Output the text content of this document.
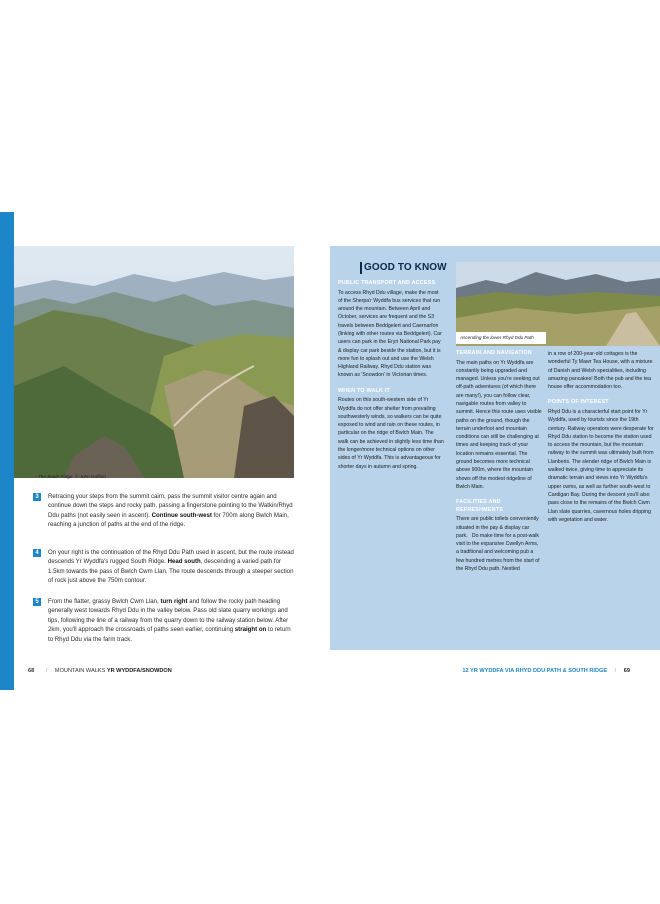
The South Ridge. © John Gaffold
3	Retracing your steps from the summit cairn, pass the summit visitor centre again and continue down the steps and rocky path, passing a fingerstone pointing to the Watkin/Rhyd Ddu paths (not easily seen in ascent). Continue south-west for 700m along Bwlch Main, reaching a junction of paths at the end of the ridge.
4	On your right is the continuation of the Rhyd Ddu Path used in ascent, but the route instead descends Yr Wyddfa's rugged South Ridge. Head south, descending a varied path for 1.5km towards the pass of Bwlch Cwm Llan. The route descends through a steeper section of rock just above the 750m contour.
5	From the flatter, grassy Bwlch Cwm Llan, turn right and follow the rocky path heading generally west towards Rhyd Ddu in the valley below. Pass old slate quarry workings and tips, following the line of a railway from the quarry down to the railway station below. After 2km, you'll approach the crossroads of paths seen earlier, continuing straight on to return to Rhyd Ddu via the farm track.
68 / MOUNTAIN WALKS YR WYDDFA/SNOWDON
GOOD TO KNOW
Ascending the lower Rhyd Ddu Path
PUBLIC TRANSPORT AND ACCESS
To access Rhyd Ddu village, make the most of the Sherpa'r Wyddfa bus services that run around the mountain. Between April and October, services are frequent and the S3 travels between Beddgelert and Caernarfon (linking with other routes via Beddgelert). Car users can park in the Eryri National Park pay & display car park beside the station, but it is more fun to splash out and use the Welsh Highland Railway. Rhyd Ddu station was known as 'Snowdon' in Victorian times.
WHEN TO WALK IT
Routes on this south-western side of Yr Wyddfa do not offer shelter from prevailing southwesterly winds, so walkers can be quite exposed to wind and rain on these routes, in particular on the ridge of Bwlch Main. The walk can be achieved in slightly less time than the longer/more technical options on other sides of Yr Wyddfa. This is advantageous for shorter days in autumn and spring.
TERRAIN AND NAVIGATION
The main paths on Yr Wyddfa are constantly being upgraded and managed. Unless you're seeking out off-path adventures (of which there are many!), you can follow clear, navigable routes from valley to summit. Hence this route uses visible paths on the ground, though the terrain underfoot and mountain conditions can still be challenging at times and keeping track of your location remains essential. The ground becomes more technical above 900m, where the mountain shows off the modest ridgeline of Bwlch Main.
FACILITIES AND REFRESHMENTS
There are public toilets conveniently situated in the pay & display car park.   Do make time for a post-walk visit to the expansive Cwellyn Arms, a traditional and welcoming pub a few hundred metres from the start of the Rhyd Ddu path. Nestled
in a row of 200-year-old cottages is the wonderful Ty Mawr Tea House, with a mixture of Danish and Welsh specialities, including amazing pancakes! Both the pub and the tea house offer accommodation too.
POINTS OF INTEREST
Rhyd Ddu is a characterful start point for Yr Wyddfa, used by tourists since the 19th century. Railway operators were desperate for Rhyd Ddu station to become the station used to access the mountain, but the mountain railway to the summit was ultimately built from Llanberis. The slender ridge of Bwlch Main is walked twice, giving time to appreciate its dramatic terrain and views into Yr Wyddfa's upper cwms, as well as further south-west to Cardigan Bay. During the descent you'll also pass close to the remains of the Bwlch Cwm Llan slate quarries, cavernous holes dripping with vegetation and water.
12 YR WYDDFA VIA RHYD DDU PATH & SOUTH RIDGE / 69
